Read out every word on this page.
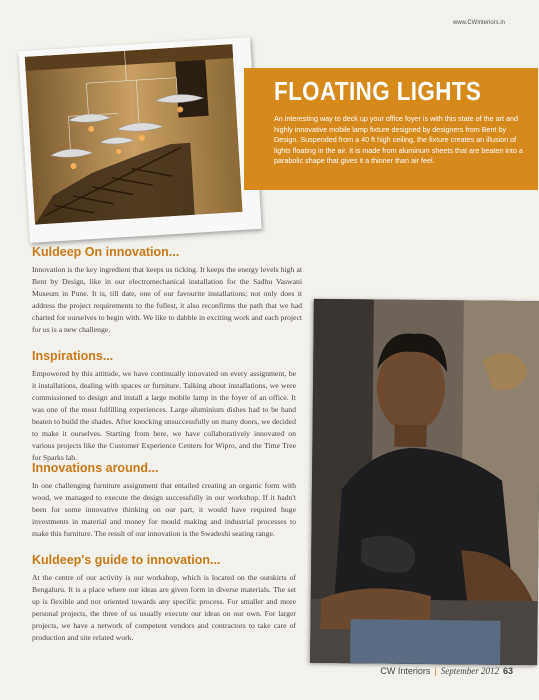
www.CWinteriors.in
FLOATING LIGHTS
An interesting way to deck up your office foyer is with this state of the art and highly innovative mobile lamp fixture designed by designers from Bent by Design. Suspended from a 40 ft high ceiling, the fixture creates an illusion of lights floating in the air. It is made from aluminum sheets that are beaten into a parabolic shape that gives it a thinner than air feel.
Kuldeep On innovation...

Innovation is the key ingredient that keeps us ticking. It keeps the energy levels high at Bent by Design, like in our electromechanical installation for the Sadhu Vaswani Museum in Pune. It is, till date, one of our favourite installations; not only does it address the project requirements to the fullest, it also reconfirms the path that we had charted for ourselves to begin with. We like to dabble in exciting work and each project for us is a new challenge.

Inspirations...

Empowered by this attitude, we have continually innovated on every assignment, be it installations, dealing with spaces or furniture. Talking about installations, we were commissioned to design and install a large mobile lamp in the foyer of an office. It was one of the most fulfilling experiences. Large aluminium dishes had to be hand beaten to build the shades. After knocking unsuccessfully on many doors, we decided to make it ourselves. Starting from here, we have collaboratively innovated on various projects like the Customer Experience Centers for Wipro, and the Time Tree for Sparks lab.

Innovations around...

In one challenging furniture assignment that entailed creating an organic form with wood, we managed to execute the design successfully in our workshop. If it hadn't been for some innovative thinking on our part, it would have required huge investments in material and money for mould making and industrial processes to make this furniture. The result of our innovation is the Swadeshi seating range.

Kuldeep's guide to innovation...

At the centre of our activity is our workshop, which is located on the outskirts of Bengaluru. It is a place where our ideas are given form in diverse materials. The set up is flexible and not oriented towards any specific process. For smaller and more personal projects, the three of us usually execute our ideas on our own. For larger projects, we have a network of competent vendors and contractors to take care of production and site related work.

CW Interiors | September 2012 63
